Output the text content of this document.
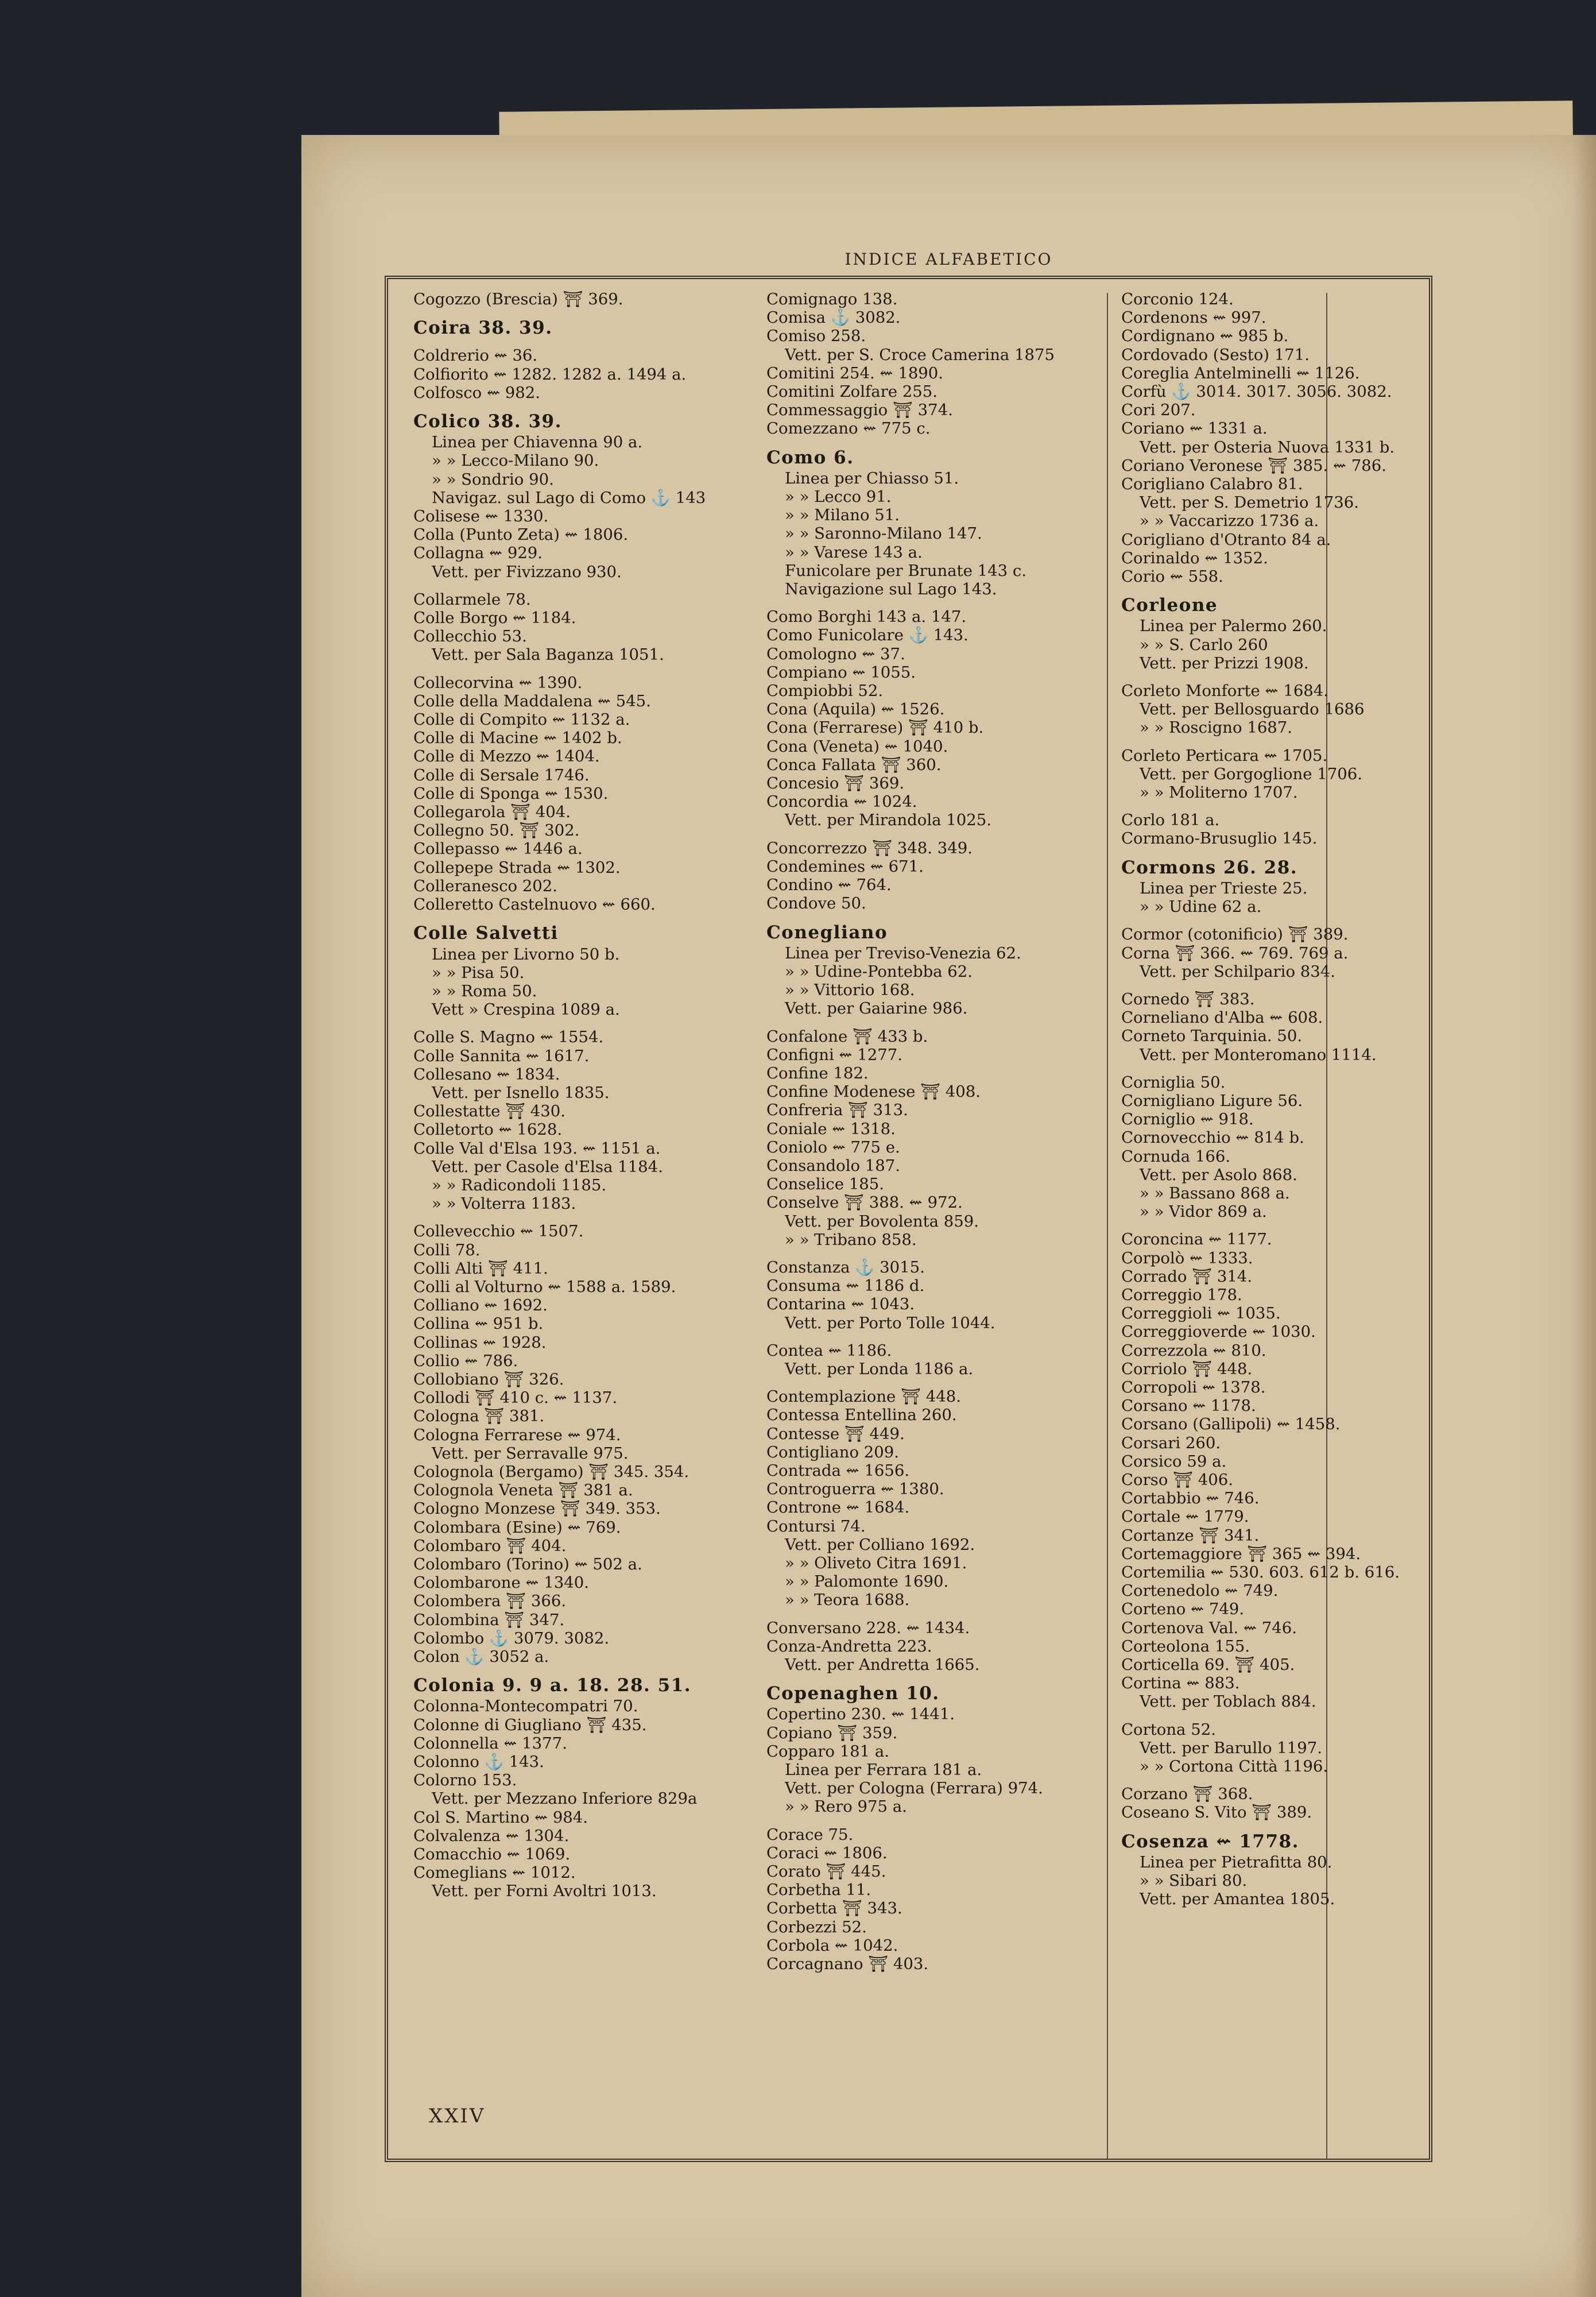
INDICE ALFABETICO
Cogozzo (Brescia) ⛩ 369.
Coira 38. 39.
Coldrerio ⇜ 36.
Colfiorito ⇜ 1282. 1282 a. 1494 a.
Colfosco ⇜ 982.
Colico 38. 39.
Linea per Chiavenna 90 a.
» » Lecco-Milano 90.
» » Sondrio 90.
Navigaz. sul Lago di Como ⚓ 143
Colisese ⇜ 1330.
Colla (Punto Zeta) ⇜ 1806.
Collagna ⇜ 929.
Vett. per Fivizzano 930.
Collarmele 78.
Colle Borgo ⇜ 1184.
Collecchio 53.
Vett. per Sala Baganza 1051.
Collecorvina ⇜ 1390.
Colle della Maddalena ⇜ 545.
Colle di Compito ⇜ 1132 a.
Colle di Macine ⇜ 1402 b.
Colle di Mezzo ⇜ 1404.
Colle di Sersale 1746.
Colle di Sponga ⇜ 1530.
Collegarola ⛩ 404.
Collegno 50. ⛩ 302.
Collepasso ⇜ 1446 a.
Collepepe Strada ⇜ 1302.
Colleranesco 202.
Colleretto Castelnuovo ⇜ 660.
Colle Salvetti
Linea per Livorno 50 b.
» » Pisa 50.
» » Roma 50.
Vett » Crespina 1089 a.
Colle S. Magno ⇜ 1554.
Colle Sannita ⇜ 1617.
Collesano ⇜ 1834.
Vett. per Isnello 1835.
Collestatte ⛩ 430.
Colletorto ⇜ 1628.
Colle Val d'Elsa 193. ⇜ 1151 a.
Vett. per Casole d'Elsa 1184.
» » Radicondoli 1185.
» » Volterra 1183.
Collevecchio ⇜ 1507.
Colli 78.
Colli Alti ⛩ 411.
Colli al Volturno ⇜ 1588 a. 1589.
Colliano ⇜ 1692.
Collina ⇜ 951 b.
Collinas ⇜ 1928.
Collio ⇜ 786.
Collobiano ⛩ 326.
Collodi ⛩ 410 c. ⇜ 1137.
Cologna ⛩ 381.
Cologna Ferrarese ⇜ 974.
Vett. per Serravalle 975.
Colognola (Bergamo) ⛩ 345. 354.
Colognola Veneta ⛩ 381 a.
Cologno Monzese ⛩ 349. 353.
Colombara (Esine) ⇜ 769.
Colombaro ⛩ 404.
Colombaro (Torino) ⇜ 502 a.
Colombarone ⇜ 1340.
Colombera ⛩ 366.
Colombina ⛩ 347.
Colombo ⚓ 3079. 3082.
Colon ⚓ 3052 a.
Colonia 9. 9 a. 18. 28. 51.
Colonna-Montecompatri 70.
Colonne di Giugliano ⛩ 435.
Colonnella ⇜ 1377.
Colonno ⚓ 143.
Colorno 153.
Vett. per Mezzano Inferiore 829a
Col S. Martino ⇜ 984.
Colvalenza ⇜ 1304.
Comacchio ⇜ 1069.
Comeglians ⇜ 1012.
Vett. per Forni Avoltri 1013.
Comignago 138.
Comisa ⚓ 3082.
Comiso 258.
Vett. per S. Croce Camerina 1875
Comitini 254. ⇜ 1890.
Comitini Zolfare 255.
Commessaggio ⛩ 374.
Comezzano ⇜ 775 c.
Como 6.
Linea per Chiasso 51.
» » Lecco 91.
» » Milano 51.
» » Saronno-Milano 147.
» » Varese 143 a.
Funicolare per Brunate 143 c.
Navigazione sul Lago 143.
Como Borghi 143 a. 147.
Como Funicolare ⚓ 143.
Comologno ⇜ 37.
Compiano ⇜ 1055.
Compiobbi 52.
Cona (Aquila) ⇜ 1526.
Cona (Ferrarese) ⛩ 410 b.
Cona (Veneta) ⇜ 1040.
Conca Fallata ⛩ 360.
Concesio ⛩ 369.
Concordia ⇜ 1024.
Vett. per Mirandola 1025.
Concorrezzo ⛩ 348. 349.
Condemines ⇜ 671.
Condino ⇜ 764.
Condove 50.
Conegliano
Linea per Treviso-Venezia 62.
» » Udine-Pontebba 62.
» » Vittorio 168.
Vett. per Gaiarine 986.
Confalone ⛩ 433 b.
Configni ⇜ 1277.
Confine 182.
Confine Modenese ⛩ 408.
Confreria ⛩ 313.
Coniale ⇜ 1318.
Coniolo ⇜ 775 e.
Consandolo 187.
Conselice 185.
Conselve ⛩ 388. ⇜ 972.
Vett. per Bovolenta 859.
» » Tribano 858.
Constanza ⚓ 3015.
Consuma ⇜ 1186 d.
Contarina ⇜ 1043.
Vett. per Porto Tolle 1044.
Contea ⇜ 1186.
Vett. per Londa 1186 a.
Contemplazione ⛩ 448.
Contessa Entellina 260.
Contesse ⛩ 449.
Contigliano 209.
Contrada ⇜ 1656.
Controguerra ⇜ 1380.
Controne ⇜ 1684.
Contursi 74.
Vett. per Colliano 1692.
» » Oliveto Citra 1691.
» » Palomonte 1690.
» » Teora 1688.
Conversano 228. ⇜ 1434.
Conza-Andretta 223.
Vett. per Andretta 1665.
Copenaghen 10.
Copertino 230. ⇜ 1441.
Copiano ⛩ 359.
Copparo 181 a.
Linea per Ferrara 181 a.
Vett. per Cologna (Ferrara) 974.
» » Rero 975 a.
Corace 75.
Coraci ⇜ 1806.
Corato ⛩ 445.
Corbetha 11.
Corbetta ⛩ 343.
Corbezzi 52.
Corbola ⇜ 1042.
Corcagnano ⛩ 403.
Corconio 124.
Cordenons ⇜ 997.
Cordignano ⇜ 985 b.
Cordovado (Sesto) 171.
Coreglia Antelminelli ⇜ 1126.
Corfù ⚓ 3014. 3017. 3056. 3082.
Cori 207.
Coriano ⇜ 1331 a.
Vett. per Osteria Nuova 1331 b.
Coriano Veronese ⛩ 385. ⇜ 786.
Corigliano Calabro 81.
Vett. per S. Demetrio 1736.
» » Vaccarizzo 1736 a.
Corigliano d'Otranto 84 a.
Corinaldo ⇜ 1352.
Corio ⇜ 558.
Corleone
Linea per Palermo 260.
» » S. Carlo 260
Vett. per Prizzi 1908.
Corleto Monforte ⇜ 1684.
Vett. per Bellosguardo 1686
» » Roscigno 1687.
Corleto Perticara ⇜ 1705.
Vett. per Gorgoglione 1706.
» » Moliterno 1707.
Corlo 181 a.
Cormano-Brusuglio 145.
Cormons 26. 28.
Linea per Trieste 25.
» » Udine 62 a.
Cormor (cotonificio) ⛩ 389.
Corna ⛩ 366. ⇜ 769. 769 a.
Vett. per Schilpario 834.
Cornedo ⛩ 383.
Corneliano d'Alba ⇜ 608.
Corneto Tarquinia. 50.
Vett. per Monteromano 1114.
Corniglia 50.
Cornigliano Ligure 56.
Corniglio ⇜ 918.
Cornovecchio ⇜ 814 b.
Cornuda 166.
Vett. per Asolo 868.
» » Bassano 868 a.
» » Vidor 869 a.
Coroncina ⇜ 1177.
Corpolò ⇜ 1333.
Corrado ⛩ 314.
Correggio 178.
Correggioli ⇜ 1035.
Correggioverde ⇜ 1030.
Correzzola ⇜ 810.
Corriolo ⛩ 448.
Corropoli ⇜ 1378.
Corsano ⇜ 1178.
Corsano (Gallipoli) ⇜ 1458.
Corsari 260.
Corsico 59 a.
Corso ⛩ 406.
Cortabbio ⇜ 746.
Cortale ⇜ 1779.
Cortanze ⛩ 341.
Cortemaggiore ⛩ 365 ⇜ 394.
Cortemilia ⇜ 530. 603. 612 b. 616.
Cortenedolo ⇜ 749.
Corteno ⇜ 749.
Cortenova Val. ⇜ 746.
Corteolona 155.
Corticella 69. ⛩ 405.
Cortina ⇜ 883.
Vett. per Toblach 884.
Cortona 52.
Vett. per Barullo 1197.
» » Cortona Città 1196.
Corzano ⛩ 368.
Coseano S. Vito ⛩ 389.
Cosenza ⇜ 1778.
Linea per Pietrafitta 80.
» » Sibari 80.
Vett. per Amantea 1805.
XXIV
